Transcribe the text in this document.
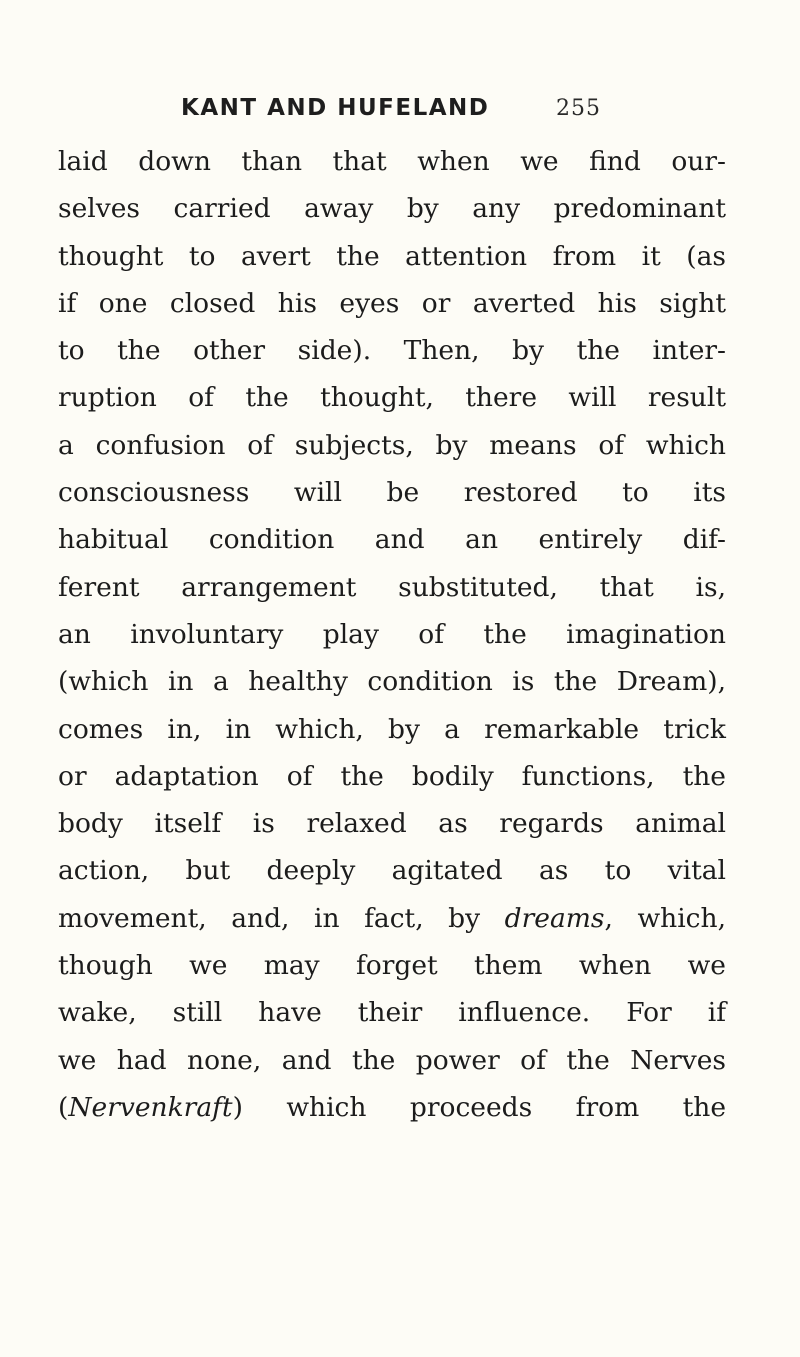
KANT AND HUFELAND	255
laid down than that when we find our-
selves carried away by any predominant
thought to avert the attention from it (as
if one closed his eyes or averted his sight
to the other side). Then, by the inter-
ruption of the thought, there will result
a confusion of subjects, by means of which
consciousness will be restored to its
habitual condition and an entirely dif-
ferent arrangement substituted, that is,
an involuntary play of the imagination
(which in a healthy condition is the Dream),
comes in, in which, by a remarkable trick
or adaptation of the bodily functions, the
body itself is relaxed as regards animal
action, but deeply agitated as to vital
movement, and, in fact, by dreams, which,
though we may forget them when we
wake, still have their influence. For if
we had none, and the power of the Nerves
(Nervenkraft) which proceeds from the
